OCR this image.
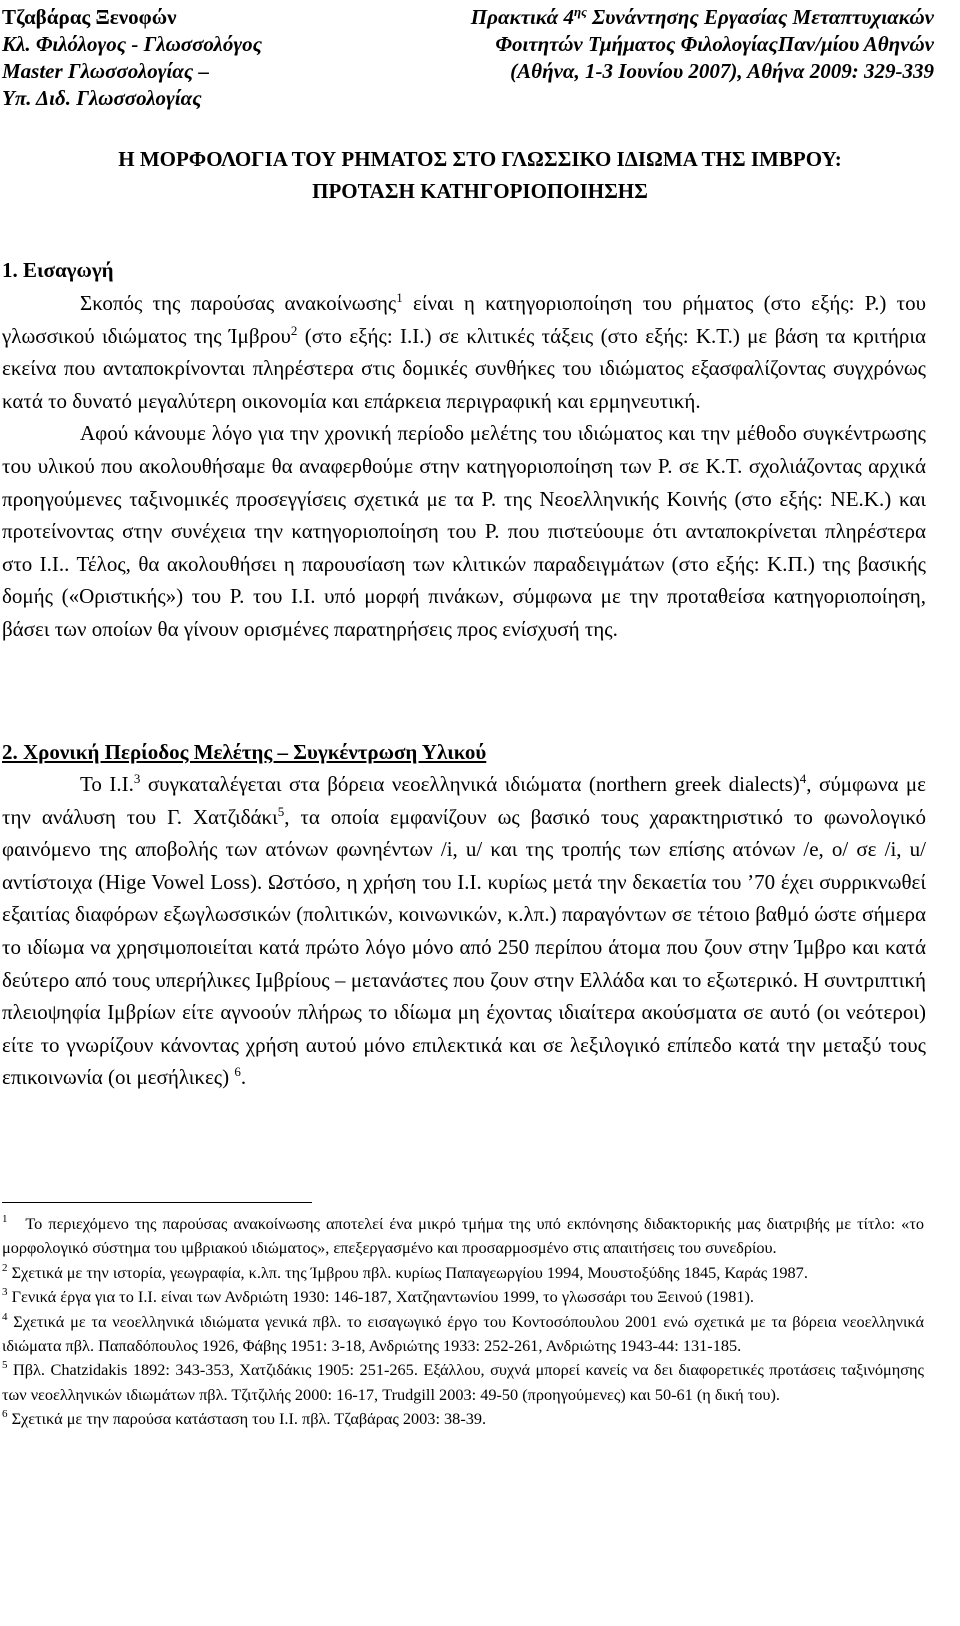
Τζαβάρας Ξενοφών
Κλ. Φιλόλογος - Γλωσσολόγος
Master Γλωσσολογίας –
Υπ. Διδ. Γλωσσολογίας
Πρακτικά $4^{\eta\varsigma}$ Συνάντησης Εργασίας Μεταπτυχιακών
Φοιτητών Τμήματος ΦιλολογίαςΠαν/μίου Αθηνών
(Αθήνα, 1-3 Ιουνίου 2007), Αθήνα 2009: 329-339
Η ΜΟΡΦΟΛΟΓΙΑ ΤΟΥ ΡΗΜΑΤΟΣ ΣΤΟ ΓΛΩΣΣΙΚΟ ΙΔΙΩΜΑ ΤΗΣ ΙΜΒΡΟΥ:
ΠΡΟΤΑΣΗ ΚΑΤΗΓΟΡΙΟΠΟΙΗΣΗΣ
1. Εισαγωγή

Σκοπός της παρούσας ανακοίνωσης$^1$ είναι η κατηγοριοποίηση του ρήματος (στο εξής: Ρ.) του γλωσσικού ιδιώματος της Ίμβρου$^2$ (στο εξής: Ι.Ι.) σε κλιτικές τάξεις (στο εξής: Κ.Τ.) με βάση τα κριτήρια εκείνα που ανταποκρίνονται πληρέστερα στις δομικές συνθήκες του ιδιώματος εξασφαλίζοντας συγχρόνως κατά το δυνατό μεγαλύτερη οικονομία και επάρκεια περιγραφική και ερμηνευτική.

Αφού κάνουμε λόγο για την χρονική περίοδο μελέτης του ιδιώματος και την μέθοδο συγκέντρωσης του υλικού που ακολουθήσαμε θα αναφερθούμε στην κατηγοριοποίηση των Ρ. σε Κ.Τ. σχολιάζοντας αρχικά προηγούμενες ταξινομικές προσεγγίσεις σχετικά με τα Ρ. της Νεοελληνικής Κοινής (στο εξής: ΝΕ.Κ.) και προτείνοντας στην συνέχεια την κατηγοριοποίηση του Ρ. που πιστεύουμε ότι ανταποκρίνεται πληρέστερα στο Ι.Ι.. Τέλος, θα ακολουθήσει η παρουσίαση των κλιτικών παραδειγμάτων (στο εξής: Κ.Π.) της βασικής δομής («Οριστικής») του Ρ. του Ι.Ι. υπό μορφή πινάκων, σύμφωνα με την προταθείσα κατηγοριοποίηση, βάσει των οποίων θα γίνουν ορισμένες παρατηρήσεις προς ενίσχυσή της.

2. Χρονική Περίοδος Μελέτης – Συγκέντρωση Υλικού

Το Ι.Ι.$^3$ συγκαταλέγεται στα βόρεια νεοελληνικά ιδιώματα (northern greek dialects)$^4$, σύμφωνα με την ανάλυση του Γ. Χατζιδάκι$^5$, τα οποία εμφανίζουν ως βασικό τους χαρακτηριστικό το φωνολογικό φαινόμενο της αποβολής των ατόνων φωνηέντων /i, u/ και της τροπής των επίσης ατόνων /e, o/ σε /i, u/ αντίστοιχα (Hige Vowel Loss). Ωστόσο, η χρήση του Ι.Ι. κυρίως μετά την δεκαετία του ’70 έχει συρρικνωθεί εξαιτίας διαφόρων εξωγλωσσικών (πολιτικών, κοινωνικών, κ.λπ.) παραγόντων σε τέτοιο βαθμό ώστε σήμερα το ιδίωμα να χρησιμοποιείται κατά πρώτο λόγο μόνο από 250 περίπου άτομα που ζουν στην Ίμβρο και κατά δεύτερο από τους υπερήλικες Ιμβρίους – μετανάστες που ζουν στην Ελλάδα και το εξωτερικό. Η συντριπτική πλειοψηφία Ιμβρίων είτε αγνοούν πλήρως το ιδίωμα μη έχοντας ιδιαίτερα ακούσματα σε αυτό (οι νεότεροι) είτε το γνωρίζουν κάνοντας χρήση αυτού μόνο επιλεκτικά και σε λεξιλογικό επίπεδο κατά την μεταξύ τους επικοινωνία (οι μεσήλικες) $^6$.

$^1$ Το περιεχόμενο της παρούσας ανακοίνωσης αποτελεί ένα μικρό τμήμα της υπό εκπόνησης διδακτορικής μας διατριβής με τίτλο: «το μορφολογικό σύστημα του ιμβριακού ιδιώματος», επεξεργασμένο και προσαρμοσμένο στις απαιτήσεις του συνεδρίου.

$^2$ Σχετικά με την ιστορία, γεωγραφία, κ.λπ. της Ίμβρου πβλ. κυρίως Παπαγεωργίου 1994, Μουστοξύδης 1845, Καράς 1987.

$^3$ Γενικά έργα για το Ι.Ι. είναι των Ανδριώτη 1930: 146-187, Χατζηαντωνίου 1999, το γλωσσάρι του Ξεινού (1981).

$^4$ Σχετικά με τα νεοελληνικά ιδιώματα γενικά πβλ. το εισαγωγικό έργο του Κοντοσόπουλου 2001 ενώ σχετικά με τα βόρεια νεοελληνικά ιδιώματα πβλ. Παπαδόπουλος 1926, Φάβης 1951: 3-18, Ανδριώτης 1933: 252-261, Ανδριώτης 1943-44: 131-185.

$^5$ Πβλ. Chatzidakis 1892: 343-353, Χατζιδάκις 1905: 251-265. Εξάλλου, συχνά μπορεί κανείς να δει διαφορετικές προτάσεις ταξινόμησης των νεοελληνικών ιδιωμάτων πβλ. Τζιτζιλής 2000: 16-17, Trudgill 2003: 49-50 (προηγούμενες) και 50-61 (η δική του).

$^6$ Σχετικά με την παρούσα κατάσταση του Ι.Ι. πβλ. Τζαβάρας 2003: 38-39.
